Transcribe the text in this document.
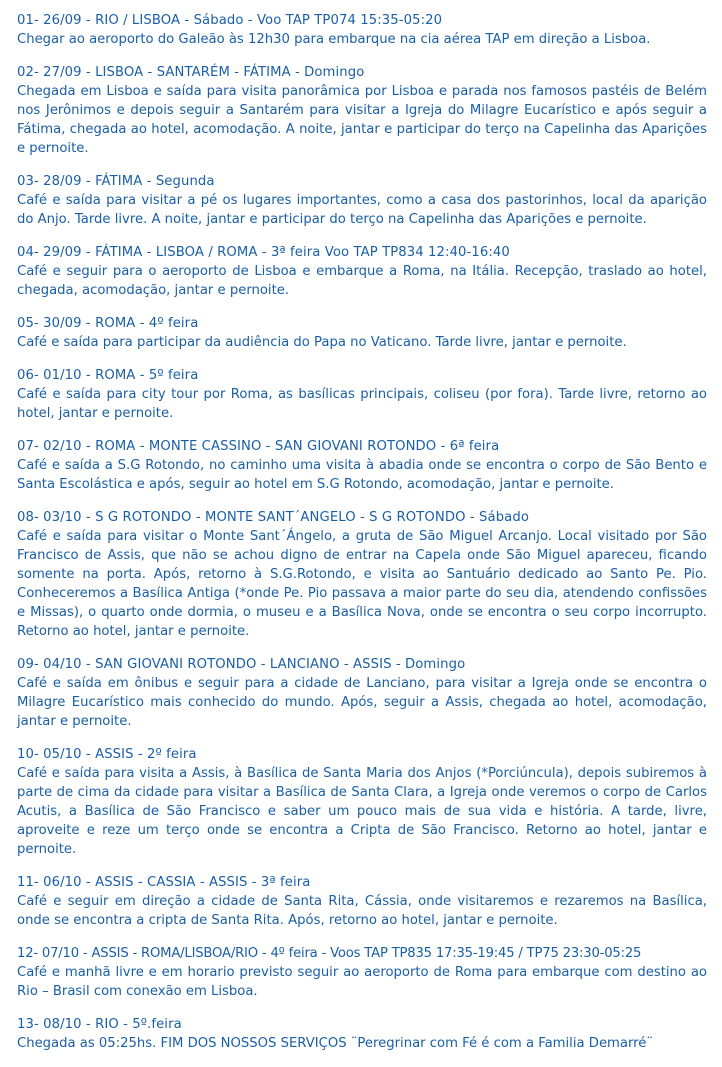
01- 26/09 - RIO / LISBOA - Sábado - Voo TAP TP074 15:35-05:20
Chegar ao aeroporto do Galeão às 12h30 para embarque na cia aérea TAP em direção a Lisboa.
02- 27/09 - LISBOA - SANTARÉM - FÁTIMA - Domingo
Chegada em Lisboa e saída para visita panorâmica por Lisboa e parada nos famosos pastéis de Belém nos Jerônimos e depois seguir a Santarém para visitar a Igreja do Milagre Eucarístico e após seguir a Fátima, chegada ao hotel, acomodação. A noite, jantar e participar do terço na Capelinha das Aparições e pernoite.
03- 28/09 - FÁTIMA - Segunda
Café e saída para visitar a pé os lugares importantes, como a casa dos pastorinhos, local da aparição do Anjo. Tarde livre. A noite, jantar e participar do terço na Capelinha das Aparições e pernoite.
04- 29/09 - FÁTIMA - LISBOA / ROMA - 3ª feira Voo TAP TP834 12:40-16:40
Café e seguir para o aeroporto de Lisboa e embarque a Roma, na Itália. Recepção, traslado ao hotel, chegada, acomodação, jantar e pernoite.
05- 30/09 - ROMA - 4º feira
Café e saída para participar da audiência do Papa no Vaticano. Tarde livre, jantar e pernoite.
06- 01/10 - ROMA - 5º feira
Café e saída para city tour por Roma, as basílicas principais, coliseu (por fora). Tarde livre, retorno ao hotel, jantar e pernoite.
07- 02/10 - ROMA - MONTE CASSINO - SAN GIOVANI ROTONDO - 6ª feira
Café e saída a S.G Rotondo, no caminho uma visita à abadia onde se encontra o corpo de São Bento e Santa Escolástica e após, seguir ao hotel em S.G Rotondo, acomodação, jantar e pernoite.
08- 03/10 - S G ROTONDO - MONTE SANT´ANGELO - S G ROTONDO - Sábado
Café e saída para visitar o Monte Sant´Ángelo, a gruta de São Miguel Arcanjo. Local visitado por São Francisco de Assis, que não se achou digno de entrar na Capela onde São Miguel apareceu, ficando somente na porta. Após, retorno à S.G.Rotondo, e visita ao Santuário dedicado ao Santo Pe. Pio. Conheceremos a Basílica Antiga (*onde Pe. Pio passava a maior parte do seu dia, atendendo confissões e Missas), o quarto onde dormia, o museu e a Basílica Nova, onde se encontra o seu corpo incorrupto. Retorno ao hotel, jantar e pernoite.
09- 04/10 - SAN GIOVANI ROTONDO - LANCIANO - ASSIS - Domingo
Café e saída em ônibus e seguir para a cidade de Lanciano, para visitar a Igreja onde se encontra o Milagre Eucarístico mais conhecido do mundo. Após, seguir a Assis, chegada ao hotel, acomodação, jantar e pernoite.
10- 05/10 - ASSIS - 2º feira
Café e saída para visita a Assis, à Basílica de Santa Maria dos Anjos (*Porciúncula), depois subiremos à parte de cima da cidade para visitar a Basílica de Santa Clara, a Igreja onde veremos o corpo de Carlos Acutis, a Basílica de São Francisco e saber um pouco mais de sua vida e história. A tarde, livre, aproveite e reze um terço onde se encontra a Cripta de São Francisco. Retorno ao hotel, jantar e pernoite.
11- 06/10 - ASSIS - CASSIA - ASSIS - 3ª feira
Café e seguir em direção a cidade de Santa Rita, Cássia, onde visitaremos e rezaremos na Basílica, onde se encontra a cripta de Santa Rita. Após, retorno ao hotel, jantar e pernoite.
12- 07/10 - ASSIS - ROMA/LISBOA/RIO - 4º feira - Voos TAP TP835 17:35-19:45 / TP75 23:30-05:25
Café e manhã livre e em horario previsto seguir ao aeroporto de Roma para embarque com destino ao Rio – Brasil com conexão em Lisboa.
13- 08/10 - RIO - 5º.feira
Chegada as 05:25hs. FIM DOS NOSSOS SERVIÇOS ¨Peregrinar com Fé é com a Familia Demarré¨
